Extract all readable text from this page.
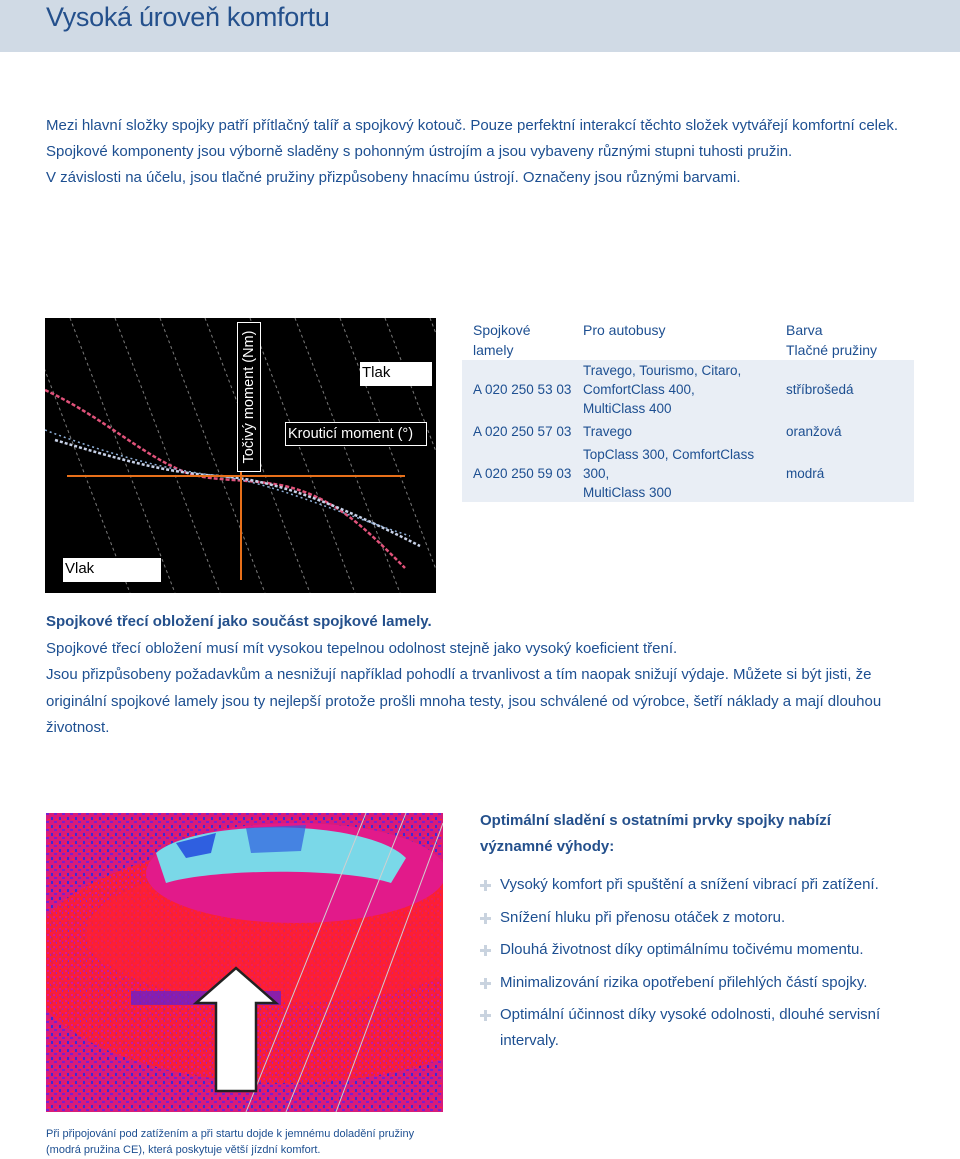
Vysoká úroveň komfortu

Mezi hlavní složky spojky patří přítlačný talíř a spojkový kotouč. Pouze perfektní interakcí těchto složek vytvářejí komfortní celek.

Spojkové komponenty jsou výborně sladěny s pohonným ústrojím a jsou vybaveny různými stupni tuhosti pružin.

V závislosti na účelu, jsou tlačné pružiny přizpůsobeny hnacímu ústrojí. Označeny jsou různými barvami.

Točivý moment (Nm)	Tlak
Krouticí moment (°)
Vlak
Spojkové lamely	Pro autobusy	Barva
Tlačné pružiny

A 020 250 53 03	Travego, Tourismo, Citaro,
ComfortClass 400,
MultiClass 400	stříbrošedá
A 020 250 57 03	Travego	oranžová
A 020 250 59 03	TopClass 300, ComfortClass 300,
MultiClass 300	modrá

Spojkové třecí obložení jako součást spojkové lamely.

Spojkové třecí obložení musí mít vysokou tepelnou odolnost stejně jako vysoký koeficient tření.

Jsou přizpůsobeny požadavkům a nesnižují například pohodlí a trvanlivost a tím naopak snižují výdaje. Můžete si být jisti, že originální spojkové lamely jsou ty nejlepší protože prošli mnoha testy, jsou schválené od výrobce, šetří náklady a mají dlouhou životnost.

Při připojování pod zatížením a při startu dojde k jemnému doladění pružiny

(modrá pružina CE), která poskytuje větší jízdní komfort.

Optimální sladění s ostatními prvky spojky nabízí
významné výhody:
Vysoký komfort při spuštění a snížení vibrací při zatížení.
Snížení hluku při přenosu otáček z motoru.
Dlouhá životnost díky optimálnímu točivému momentu.
Minimalizování rizika opotřebení přilehlých částí spojky.
Optimální účinnost díky vysoké odolnosti, dlouhé servisní intervaly.
